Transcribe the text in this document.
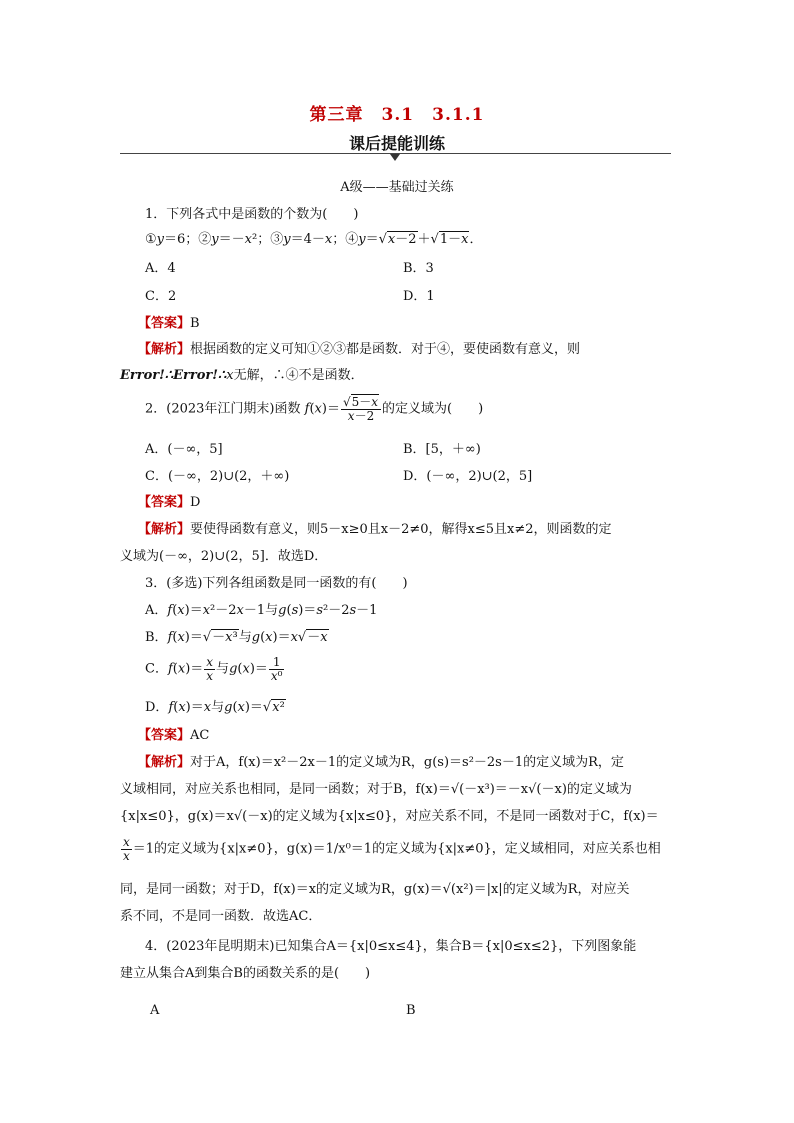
第三章　3.1　3.1.1
课后提能训练
A级——基础过关练
1．下列各式中是函数的个数为(　　)
①y＝6；②y＝－x²；③y＝4－x；④y＝√x－2＋√1－x．
A．4	B．3
C．2	D．1
【答案】B
【解析】根据函数的定义可知①②③都是函数．对于④，要使函数有意义，则
Error!∴Error!∴x无解，∴④不是函数．
2．(2023年江门期末)函数 $f(x)= \frac{√5-x}{x-2}$ 的定义域为(　　)
A．(－∞，5]	B．[5，＋∞)
C．(－∞，2)∪(2，＋∞)	D．(－∞，2)∪(2，5]
【答案】D
【解析】要使得函数有意义，则5－x≥0且x－2≠0，解得x≤5且x≠2，则函数的定
义域为(－∞，2)∪(2，5]．故选D．
3．(多选)下列各组函数是同一函数的有(　　)
A．f(x)＝x²－2x－1与g(s)＝s²－2s－1
B．f(x)＝√－x³与g(x)＝x√－x
C．$f(x)= \frac{x}{x}$ 与$g(x)= \frac{1}{\text{x⁰}}$
D．f(x)＝x与g(x)＝√x²
【答案】AC
【解析】对于A，f(x)＝x²－2x－1的定义域为R，g(s)＝s²－2s－1的定义域为R，定
义域相同，对应关系也相同，是同一函数；对于B，f(x)＝√(－x³)＝－x√(－x)的定义域为
{x|x≤0}，g(x)＝x√(－x)的定义域为{x|x≤0}，对应关系不同，不是同一函数对于C，f(x)＝
$\frac{x}{x} =1$的定义域为{x|x≠0}，g(x)＝1/x⁰＝1的定义域为{x|x≠0}，定义域相同，对应关系也相
同，是同一函数；对于D，f(x)＝x的定义域为R，g(x)＝√(x²)＝|x|的定义域为R，对应关
系不同，不是同一函数．故选AC．
4．(2023年昆明期末)已知集合A＝{x|0≤x≤4}，集合B＝{x|0≤x≤2}，下列图象能
建立从集合A到集合B的函数关系的是(　　)
A	B
